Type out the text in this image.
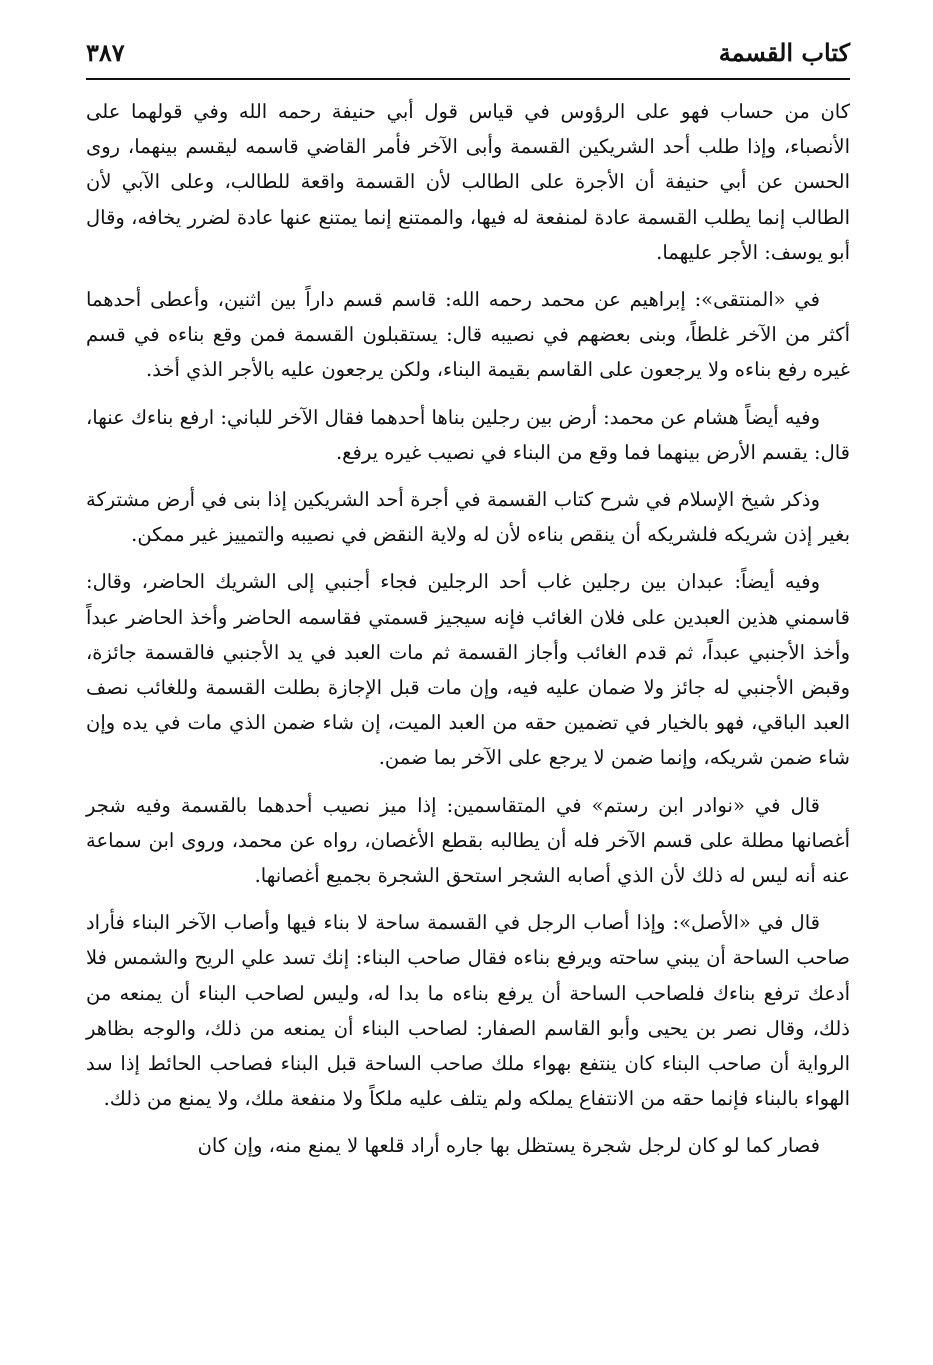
كتاب القسمة
٣٨٧

كان من حساب فهو على الرؤوس في قياس قول أبي حنيفة رحمه الله وفي قولهما على الأنصباء، وإذا طلب أحد الشريكين القسمة وأبى الآخر فأمر القاضي قاسمه ليقسم بينهما، روى الحسن عن أبي حنيفة أن الأجرة على الطالب لأن القسمة واقعة للطالب، وعلى الآبي لأن الطالب إنما يطلب القسمة عادة لمنفعة له فيها، والممتنع إنما يمتنع عنها عادة لضرر يخافه، وقال أبو يوسف: الأجر عليهما.

في «المنتقى»: إبراهيم عن محمد رحمه الله: قاسم قسم داراً بين اثنين، وأعطى أحدهما أكثر من الآخر غلطاً، وبنى بعضهم في نصيبه قال: يستقبلون القسمة فمن وقع بناءه في قسم غيره رفع بناءه ولا يرجعون على القاسم بقيمة البناء، ولكن يرجعون عليه بالأجر الذي أخذ.

وفيه أيضاً هشام عن محمد: أرض بين رجلين بناها أحدهما فقال الآخر للباني: ارفع بناءك عنها، قال: يقسم الأرض بينهما فما وقع من البناء في نصيب غيره يرفع.

وذكر شيخ الإسلام في شرح كتاب القسمة في أجرة أحد الشريكين إذا بنى في أرض مشتركة بغير إذن شريكه فلشريكه أن ينقص بناءه لأن له ولاية النقض في نصيبه والتمييز غير ممكن.

وفيه أيضاً: عبدان بين رجلين غاب أحد الرجلين فجاء أجنبي إلى الشريك الحاضر، وقال: قاسمني هذين العبدين على فلان الغائب فإنه سيجيز قسمتي فقاسمه الحاضر وأخذ الحاضر عبداً وأخذ الأجنبي عبداً، ثم قدم الغائب وأجاز القسمة ثم مات العبد في يد الأجنبي فالقسمة جائزة، وقبض الأجنبي له جائز ولا ضمان عليه فيه، وإن مات قبل الإجازة بطلت القسمة وللغائب نصف العبد الباقي، فهو بالخيار في تضمين حقه من العبد الميت، إن شاء ضمن الذي مات في يده وإن شاء ضمن شريكه، وإنما ضمن لا يرجع على الآخر بما ضمن.

قال في «نوادر ابن رستم» في المتقاسمين: إذا ميز نصيب أحدهما بالقسمة وفيه شجر أغصانها مطلة على قسم الآخر فله أن يطالبه بقطع الأغصان، رواه عن محمد، وروى ابن سماعة عنه أنه ليس له ذلك لأن الذي أصابه الشجر استحق الشجرة بجميع أغصانها.

قال في «الأصل»: وإذا أصاب الرجل في القسمة ساحة لا بناء فيها وأصاب الآخر البناء فأراد صاحب الساحة أن يبني ساحته ويرفع بناءه فقال صاحب البناء: إنك تسد علي الريح والشمس فلا أدعك ترفع بناءك فلصاحب الساحة أن يرفع بناءه ما بدا له، وليس لصاحب البناء أن يمنعه من ذلك، وقال نصر بن يحيى وأبو القاسم الصفار: لصاحب البناء أن يمنعه من ذلك، والوجه بظاهر الرواية أن صاحب البناء كان ينتفع بهواء ملك صاحب الساحة قبل البناء فصاحب الحائط إذا سد الهواء بالبناء فإنما حقه من الانتفاع يملكه ولم يتلف عليه ملكاً ولا منفعة ملك، ولا يمنع من ذلك.

فصار كما لو كان لرجل شجرة يستظل بها جاره أراد قلعها لا يمنع منه، وإن كان
